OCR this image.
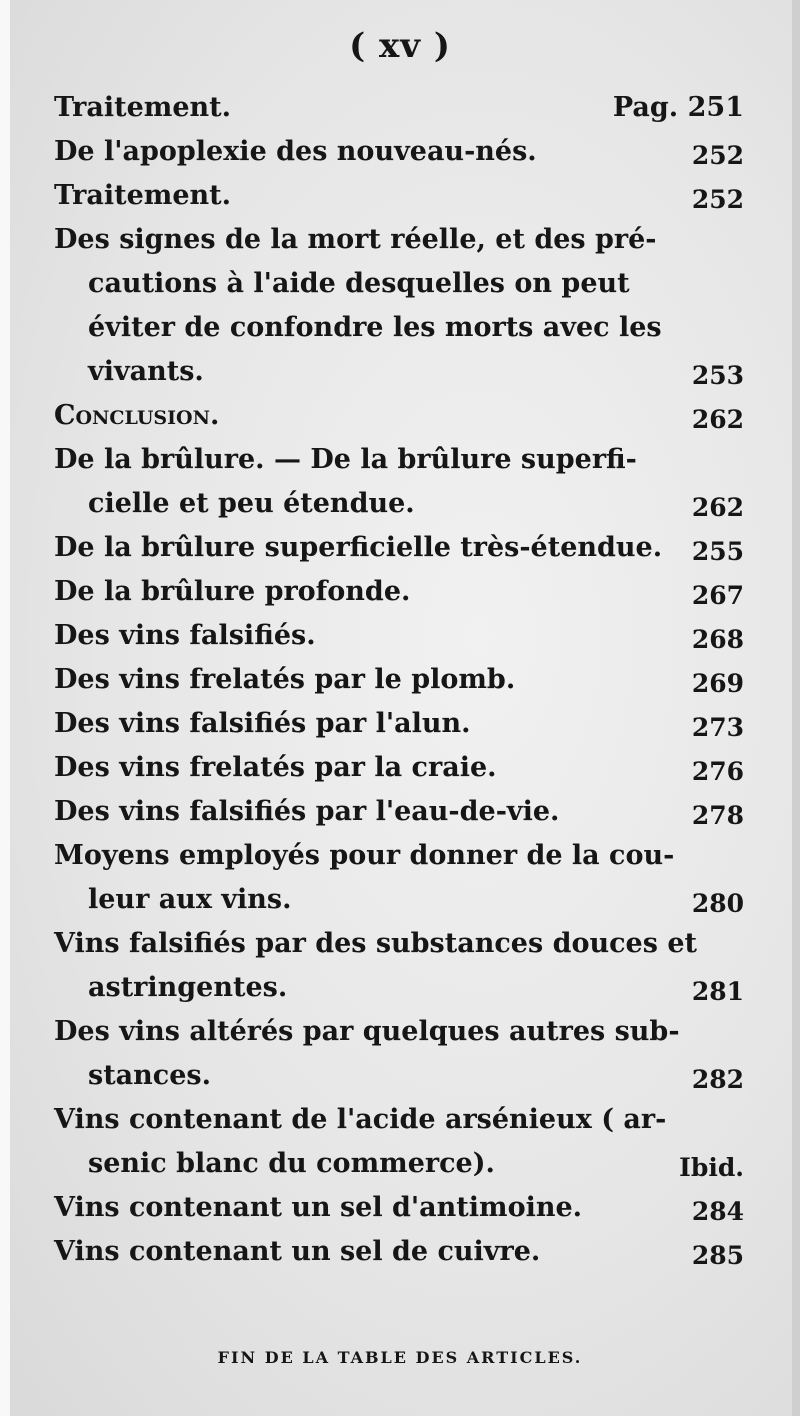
( xv )
Traitement.	Pag. 251
De l'apoplexie des nouveau-nés.	252
Traitement.	252
Des signes de la mort réelle, et des pré-
cautions à l'aide desquelles on peut
éviter de confondre les morts avec les
vivants.	253
Conclusion.	262
De la brûlure. — De la brûlure superfi-
cielle et peu étendue.	262
De la brûlure superficielle très-étendue.	255
De la brûlure profonde.	267
Des vins falsifiés.	268
Des vins frelatés par le plomb.	269
Des vins falsifiés par l'alun.	273
Des vins frelatés par la craie.	276
Des vins falsifiés par l'eau-de-vie.	278
Moyens employés pour donner de la cou-
leur aux vins.	280
Vins falsifiés par des substances douces et
astringentes.	281
Des vins altérés par quelques autres sub-
stances.	282
Vins contenant de l'acide arsénieux ( ar-
senic blanc du commerce).	Ibid.
Vins contenant un sel d'antimoine.	284
Vins contenant un sel de cuivre.	285
FIN DE LA TABLE DES ARTICLES.
